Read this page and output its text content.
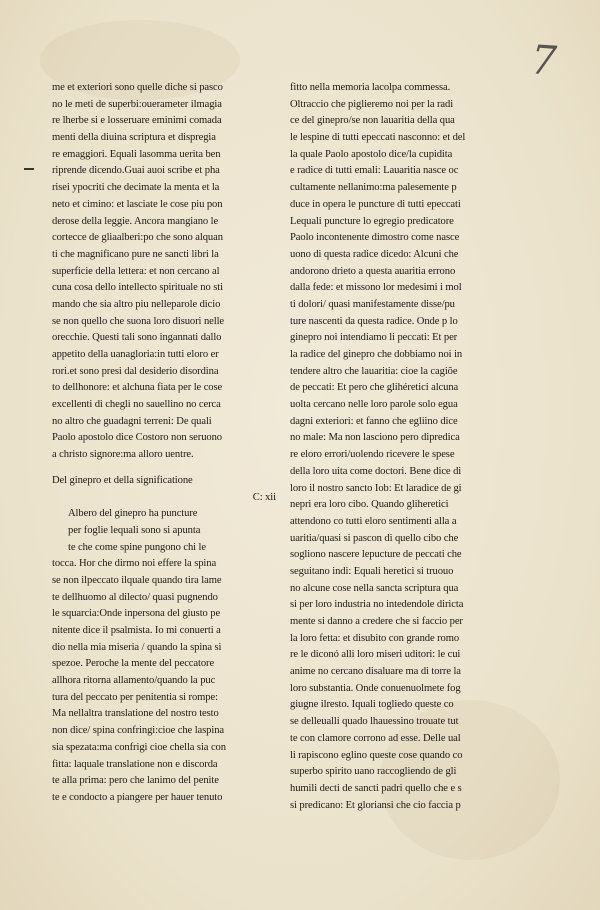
7
me et exteriori sono quelle diche si pasco
no le meti de superbi:ouerameter ilmagia
re lherbe si e losseruare eminimi comada
menti della diuina scriptura et dispregia
re emaggiori. Equali lasomma uerita ben
riprende dicendo.Guai auoi scribe et pha
risei ypocriti che decimate la menta et la
neto et cimino: et lasciate le cose piu pon
derose della leggie. Ancora mangiano le
cortecce de gliaalberi:po che sono alquan
ti che magnificano pure ne sancti libri la
superficie della lettera: et non cercano al
cuna cosa dello intellecto spirituale no sti
mando che sia altro piu nelleparole dicio
se non quello che suona loro disuori nelle
orecchie. Questi tali sono ingannati dallo
appetito della uanagloria:in tutti eloro er
rori.et sono presi dal desiderio disordina
to dellhonore: et alchuna fiata per le cose
excellenti di chegli no sauellino no cerca
no altro che guadagni terreni: De quali
Paolo apostolo dice Costoro non seruono
a christo signore:ma alloro uentre.
Del ginepro et della significatione
C: xii
Albero del ginepro ha puncture
per foglie lequali sono si apunta
te che come spine pungono chi le
tocca. Hor che dirmo noi effere la spina
se non ilpeccato ilquale quando tira lame
te dellhuomo al dilecto/ quasi pugnendo
le squarcia:Onde inpersona del giusto pe
nitente dice il psalmista. Io mi conuerti a
dio nella mia miseria / quando la spina si
spezoe. Peroche la mente del peccatore
allhora ritorna allamento/quando la puc
tura del peccato per penitentia si rompe:
Ma nellaltra translatione del nostro testo
non dice/ spina confringi:cioe che laspina
sia spezata:ma confrigi cioe chella sia con
fitta: laquale translatione non e discorda
te alla prima: pero che lanimo del penite
te e condocto a piangere per hauer tenuto
fitto nella memoria lacolpa commessa.
Oltraccio che piglieremo noi per la radi
ce del ginepro/se non lauaritia della qua
le lespine di tutti epeccati nasconno: et del
la quale Paolo apostolo dice/la cupidita
e radice di tutti emali: Lauaritia nasce oc
cultamente nellanimo:ma palesemente p
duce in opera le puncture di tutti epeccati
Lequali puncture lo egregio predicatore
Paolo incontenente dimostro come nasce
uono di questa radice dicedo: Alcuni che
andorono drieto a questa auaritia errono
dalla fede: et missono lor medesimi i mol
ti dolori/ quasi manifestamente disse/pu
ture nascenti da questa radice. Onde p lo
ginepro noi intendiamo li peccati: Et per
la radice del ginepro che dobbiamo noi in
tendere altro che lauaritia: cioe la cagiõe
de peccati: Et pero che glihéretici alcuna
uolta cercano nelle loro parole solo egua
dagni exteriori: et fanno che egliino dice
no male: Ma non lasciono pero dipredica
re eloro errori/uolendo ricevere le spese
della loro uita come doctori. Bene dice di
loro il nostro sancto Iob: Et laradice de gi
nepri era loro cibo. Quando gliheretici
attendono co tutti eloro sentimenti alla a
uaritia/quasi si pascon di quello cibo che
sogliono nascere lepucture de peccati che
seguitano indi: Equali heretici si truouo
no alcune cose nella sancta scriptura qua
si per loro industria no intedendole diricta
mente si danno a credere che si faccio per
la loro fetta: et disubito con grande romo
re le diconó alli loro miseri uditori: le cui
anime no cercano disaluare ma di torre la
loro substantia. Onde conuenuolmete fog
giugne ilresto. Iquali togliedo queste co
se delleualli quado lhauessino trouate tut
te con clamore corrono ad esse. Delle ual
li rapiscono eglino queste cose quando co
superbo spirito uano raccogliendo de gli
humili decti de sancti padri quello che e s
si predicano: Et gloriansi che cio faccia p
